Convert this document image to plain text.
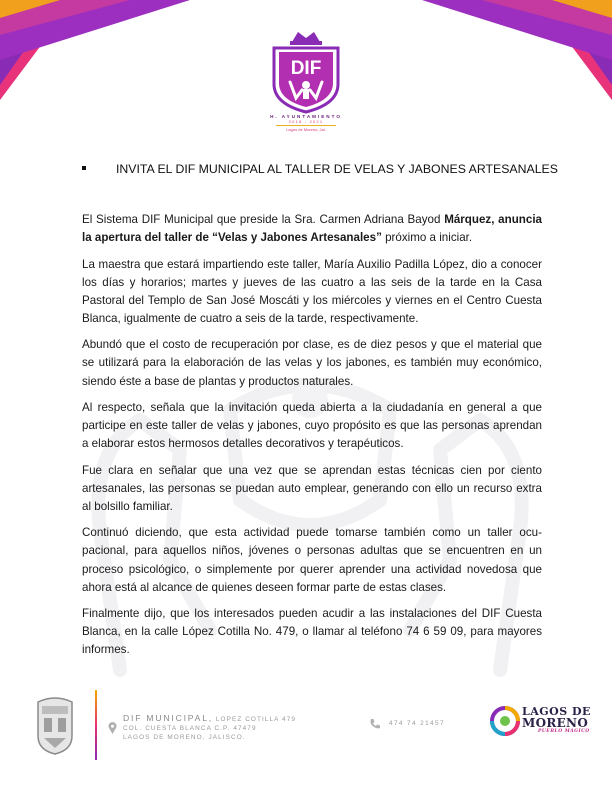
DIF
H. AYUNTAMIENTO
2018 - 2021
Lagos de Moreno, Jal.
INVITA EL DIF MUNICIPAL AL TALLER DE VELAS Y JABONES ARTESANALES

El Sistema DIF Municipal que preside la Sra. Carmen Adriana Bayod Márquez, anuncia la apertura del taller de “Velas y Jabones Artesanales” próximo a iniciar.

La maestra que estará impartiendo este taller, María Auxilio Padilla López, dio a conocer los días y horarios; martes y jueves de las cuatro a las seis de la tarde en la Casa Pastoral del Templo de San José Moscáti y los miércoles y viernes en el Centro Cuesta Blanca, igualmente de cuatro a seis de la tarde, respectivamente.

Abundó que el costo de recuperación por clase, es de diez pesos y que el material que se utilizará para la elaboración de las velas y los jabones, es también muy económico, siendo éste a base de plantas y productos naturales.

Al respecto, señala que la invitación queda abierta a la ciudadanía en general a que participe en este taller de velas y jabones, cuyo propósito es que las personas aprendan a elaborar estos hermosos detalles decorativos y terapéuticos.

Fue clara en señalar que una vez que se aprendan estas técnicas cien por ciento artesanales, las personas se puedan auto emplear, generando con ello un recurso extra al bolsillo familiar.

Continuó diciendo, que esta actividad puede tomarse también como un taller ocupacional, para aquellos niños, jóvenes o personas adultas que se encuentren en un proceso psicológico, o simplemente por querer aprender una actividad novedosa que ahora está al alcance de quienes deseen formar parte de estas clases.

Finalmente dijo, que los interesados pueden acudir a las instalaciones del DIF Cuesta Blanca, en la calle López Cotilla No. 479, o llamar al teléfono 74 6 59 09, para mayores informes.

DIF MUNICIPAL, LOPEZ COTILLA 479
COL. CUESTA BLANCA C.P. 47479
LAGOS DE MORENO, JALISCO.
474 74 21457
LAGOS DE
MORENO
PUEBLO MÁGICO
